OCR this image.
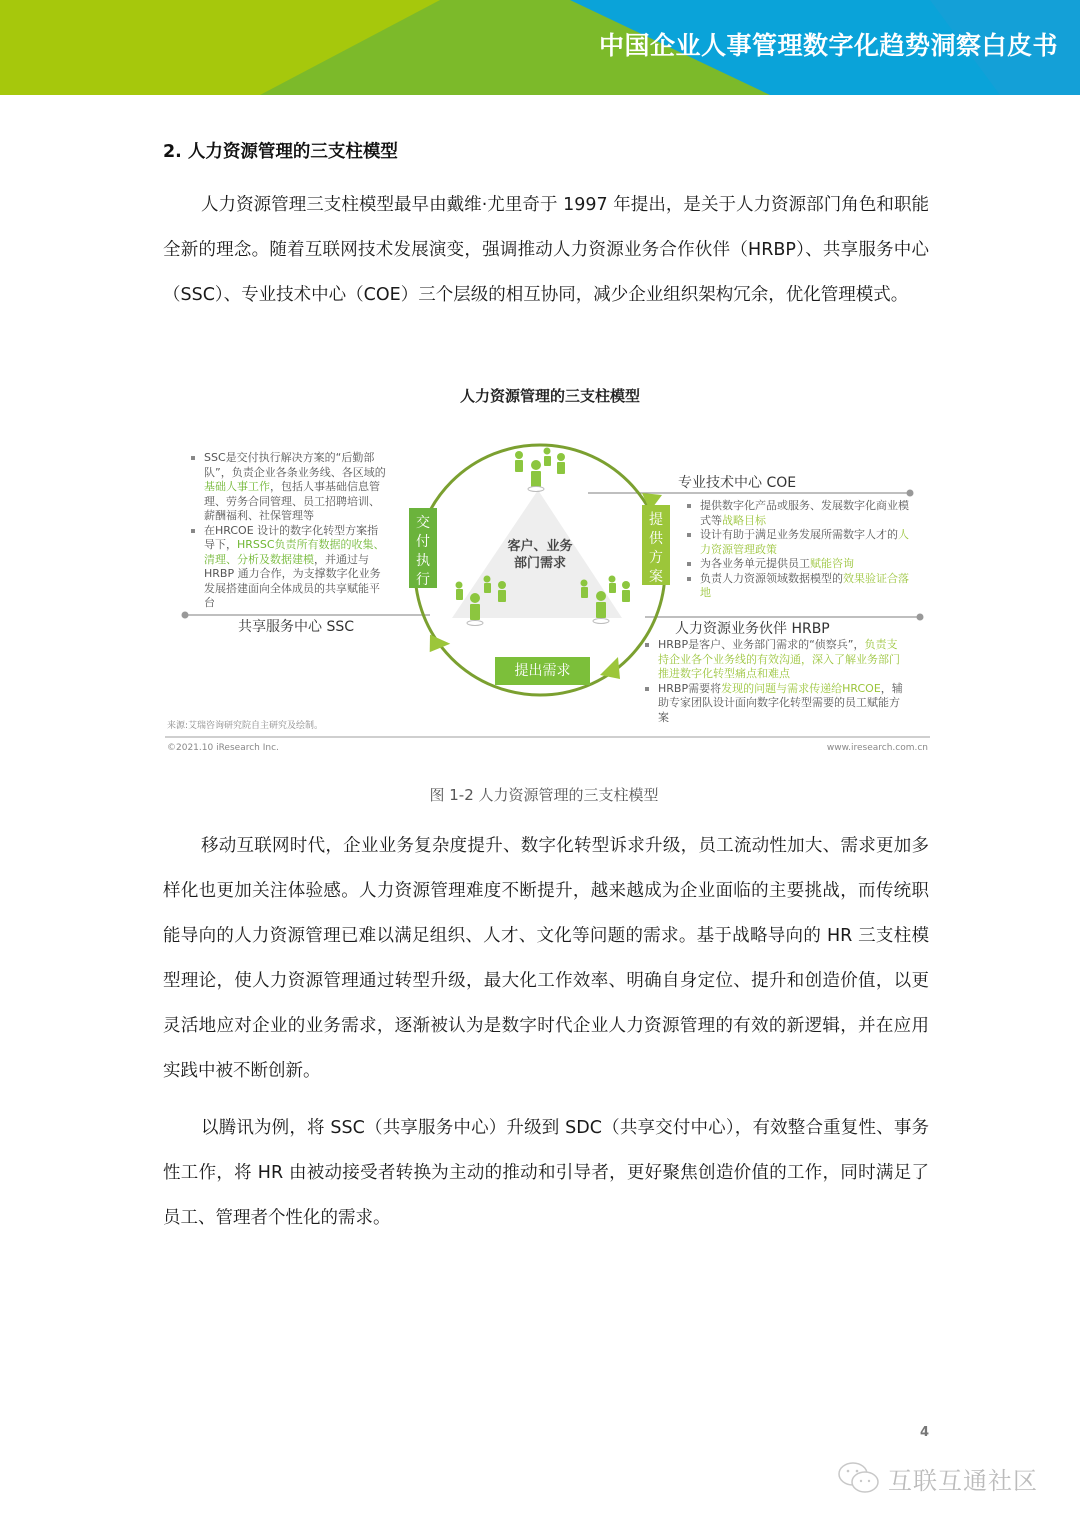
中国企业人事管理数字化趋势洞察白皮书
2. 人力资源管理的三支柱模型
人力资源管理三支柱模型最早由戴维·尤里奇于 1997 年提出，是关于人力资源部门角色和职能全新的理念。随着互联网技术发展演变，强调推动人力资源业务合作伙伴（HRBP）、共享服务中心（SSC）、专业技术中心（COE）三个层级的相互协同，减少企业组织架构冗余，优化管理模式。
人力资源管理的三支柱模型
客户、业务
部门需求
交
付
执
行
提
供
方
案
提出需求
SSC是交付执行解决方案的“后勤部队”，负责企业各条业务线、各区域的基础人事工作，包括人事基础信息管理、劳务合同管理、员工招聘培训、薪酬福利、社保管理等
在HRCOE 设计的数字化转型方案指导下，HRSSC负责所有数据的收集、清理、分析及数据建模，并通过与HRBP 通力合作，为支撑数字化业务发展搭建面向全体成员的共享赋能平台
共享服务中心 SSC
专业技术中心 COE
提供数字化产品或服务、发展数字化商业模式等战略目标
设计有助于满足业务发展所需数字人才的人力资源管理政策
为各业务单元提供员工赋能咨询
负责人力资源领域数据模型的效果验证合落地
人力资源业务伙伴 HRBP
HRBP是客户、业务部门需求的“侦察兵”，负责支持企业各个业务线的有效沟通，深入了解业务部门推进数字化转型痛点和难点
HRBP需要将发现的问题与需求传递给HRCOE，辅助专家团队设计面向数字化转型需要的员工赋能方案
来源:艾瑞咨询研究院自主研究及绘制。
©2021.10 iResearch Inc.	www.iresearch.com.cn
图 1-2 人力资源管理的三支柱模型
移动互联网时代，企业业务复杂度提升、数字化转型诉求升级，员工流动性加大、需求更加多样化也更加关注体验感。人力资源管理难度不断提升，越来越成为企业面临的主要挑战，而传统职能导向的人力资源管理已难以满足组织、人才、文化等问题的需求。基于战略导向的 HR 三支柱模型理论，使人力资源管理通过转型升级，最大化工作效率、明确自身定位、提升和创造价值，以更灵活地应对企业的业务需求，逐渐被认为是数字时代企业人力资源管理的有效的新逻辑，并在应用实践中被不断创新。
以腾讯为例，将 SSC（共享服务中心）升级到 SDC（共享交付中心），有效整合重复性、事务性工作，将 HR 由被动接受者转换为主动的推动和引导者，更好聚焦创造价值的工作，同时满足了员工、管理者个性化的需求。
4
互联互通社区
